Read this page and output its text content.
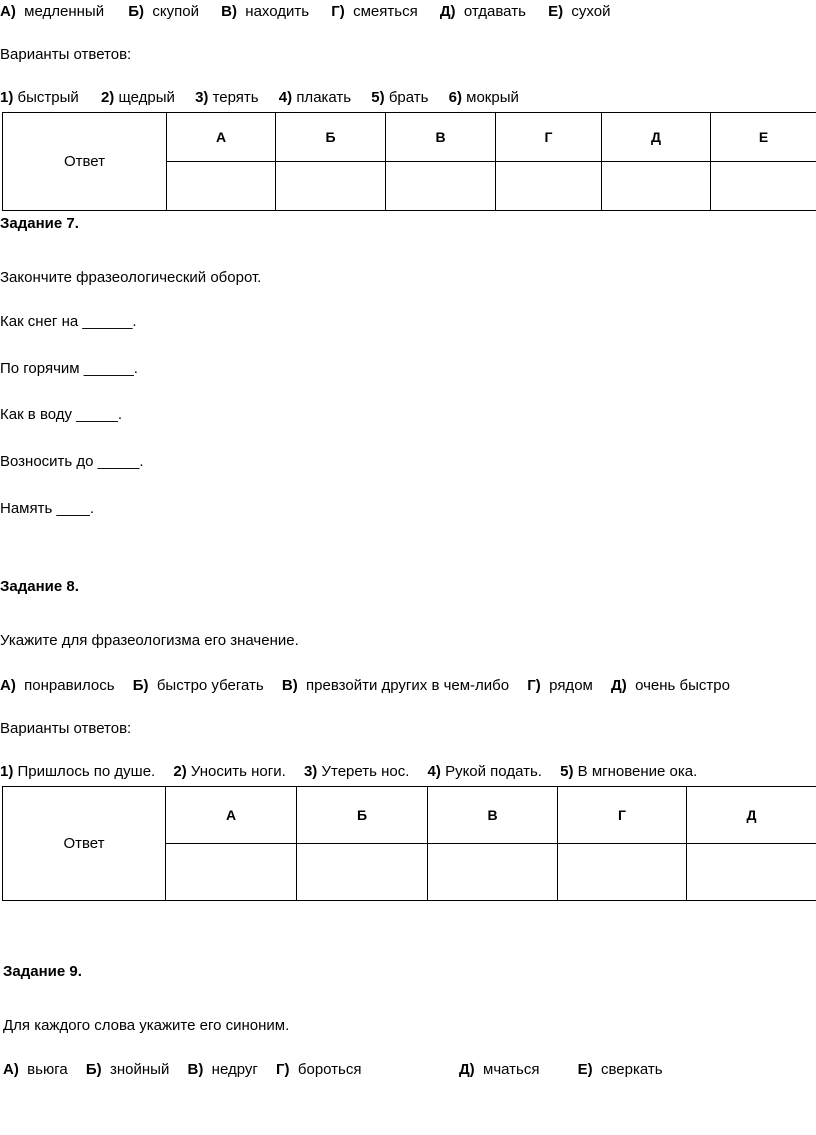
А) медленный Б) скупой В) находить Г) смеяться Д) отдавать Е) сухой
Варианты ответов:
1) быстрый 2) щедрый 3) терять 4) плакать 5) брать 6) мокрый
Ответ	А	Б	В	Г	Д	Е

Задание 7.
Закончите фразеологический оборот.
Как снег на ______.
По горячим ______.
Как в воду _____.
Возносить до _____.
Намять ____.
Задание 8.
Укажите для фразеологизма его значение.
А) понравилось Б) быстро убегать В) превзойти других в чем-либо Г) рядом Д) очень быстро
Варианты ответов:
1) Пришлось по душе. 2) Уносить ноги. 3) Утереть нос. 4) Рукой подать. 5) В мгновение ока.
Ответ	А	Б	В	Г	Д

Задание 9.
Для каждого слова укажите его синоним.
А) вьюга Б) знойный В) недруг Г) бороться	Д) мчаться	Е) сверкать
